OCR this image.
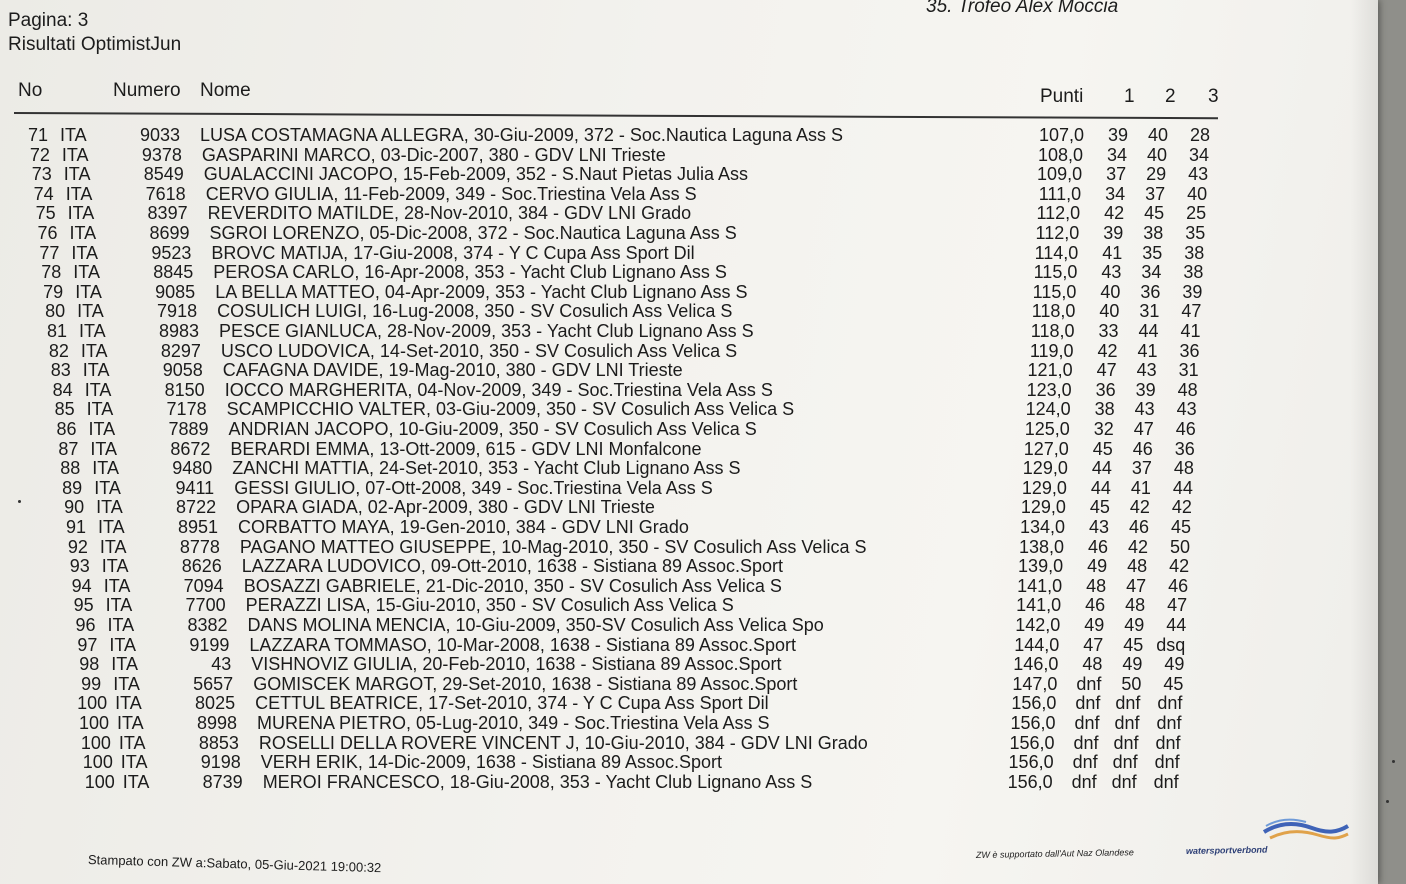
Pagina: 3
Risultati OptimistJun
35. Trofeo Alex Moccia
No	Numero Nome	Punti 1 2 3
71 ITA	9033 LUSA COSTAMAGNA ALLEGRA, 30-Giu-2009, 372 - Soc.Nautica Laguna Ass S	107,0	39	40	28
72 ITA	9378 GASPARINI MARCO, 03-Dic-2007, 380 - GDV LNI Trieste	108,0	34	40	34
73 ITA	8549 GUALACCINI JACOPO, 15-Feb-2009, 352 - S.Naut Pietas Julia Ass	109,0	37	29	43
74 ITA	7618 CERVO GIULIA, 11-Feb-2009, 349 - Soc.Triestina Vela Ass S	111,0	34	37	40
75 ITA	8397 REVERDITO MATILDE, 28-Nov-2010, 384 - GDV LNI Grado	112,0	42	45	25
76 ITA	8699 SGROI LORENZO, 05-Dic-2008, 372 - Soc.Nautica Laguna Ass S	112,0	39	38	35
77 ITA	9523 BROVC MATIJA, 17-Giu-2008, 374 - Y C Cupa Ass Sport Dil	114,0	41	35	38
78 ITA	8845 PEROSA CARLO, 16-Apr-2008, 353 - Yacht Club Lignano Ass S	115,0	43	34	38
79 ITA	9085 LA BELLA MATTEO, 04-Apr-2009, 353 - Yacht Club Lignano Ass S	115,0	40	36	39
80 ITA	7918 COSULICH LUIGI, 16-Lug-2008, 350 - SV Cosulich Ass Velica S	118,0	40	31	47
81 ITA	8983 PESCE GIANLUCA, 28-Nov-2009, 353 - Yacht Club Lignano Ass S	118,0	33	44	41
82 ITA	8297 USCO LUDOVICA, 14-Set-2010, 350 - SV Cosulich Ass Velica S	119,0	42	41	36
83 ITA	9058 CAFAGNA DAVIDE, 19-Mag-2010, 380 - GDV LNI Trieste	121,0	47	43	31
84 ITA	8150 IOCCO MARGHERITA, 04-Nov-2009, 349 - Soc.Triestina Vela Ass S	123,0	36	39	48
85 ITA	7178 SCAMPICCHIO VALTER, 03-Giu-2009, 350 - SV Cosulich Ass Velica S	124,0	38	43	43
86 ITA	7889 ANDRIAN JACOPO, 10-Giu-2009, 350 - SV Cosulich Ass Velica S	125,0	32	47	46
87 ITA	8672 BERARDI EMMA, 13-Ott-2009, 615 - GDV LNI Monfalcone	127,0	45	46	36
88 ITA	9480 ZANCHI MATTIA, 24-Set-2010, 353 - Yacht Club Lignano Ass S	129,0	44	37	48
89 ITA	9411 GESSI GIULIO, 07-Ott-2008, 349 - Soc.Triestina Vela Ass S	129,0	44	41	44
90 ITA	8722 OPARA GIADA, 02-Apr-2009, 380 - GDV LNI Trieste	129,0	45	42	42
91 ITA	8951 CORBATTO MAYA, 19-Gen-2010, 384 - GDV LNI Grado	134,0	43	46	45
92 ITA	8778 PAGANO MATTEO GIUSEPPE, 10-Mag-2010, 350 - SV Cosulich Ass Velica S	138,0	46	42	50
93 ITA	8626 LAZZARA LUDOVICO, 09-Ott-2010, 1638 - Sistiana 89 Assoc.Sport	139,0	49	48	42
94 ITA	7094 BOSAZZI GABRIELE, 21-Dic-2010, 350 - SV Cosulich Ass Velica S	141,0	48	47	46
95 ITA	7700 PERAZZI LISA, 15-Giu-2010, 350 - SV Cosulich Ass Velica S	141,0	46	48	47
96 ITA	8382 DANS MOLINA MENCIA, 10-Giu-2009, 350-SV Cosulich Ass Velica Spo	142,0	49	49	44
97 ITA	9199 LAZZARA TOMMASO, 10-Mar-2008, 1638 - Sistiana 89 Assoc.Sport	144,0	47	45 dsq
98 ITA	43 VISHNOVIZ GIULIA, 20-Feb-2010, 1638 - Sistiana 89 Assoc.Sport	146,0	48	49	49
99 ITA	5657 GOMISCEK MARGOT, 29-Set-2010, 1638 - Sistiana 89 Assoc.Sport	147,0	dnf	50	45
100 ITA	8025 CETTUL BEATRICE, 17-Set-2010, 374 - Y C Cupa Ass Sport Dil	156,0	dnf dnf dnf
100 ITA	8998 MURENA PIETRO, 05-Lug-2010, 349 - Soc.Triestina Vela Ass S	156,0	dnf dnf dnf
100 ITA	8853 ROSELLI DELLA ROVERE VINCENT J, 10-Giu-2010, 384 - GDV LNI Grado	156,0	dnf dnf dnf
100 ITA	9198 VERH ERIK, 14-Dic-2009, 1638 - Sistiana 89 Assoc.Sport	156,0	dnf dnf dnf
100 ITA	8739 MEROI FRANCESCO, 18-Giu-2008, 353 - Yacht Club Lignano Ass S	156,0	dnf dnf dnf
Stampato con ZW a:Sabato, 05-Giu-2021 19:00:32	ZW è supportato dall'Aut Naz Olandese	watersportverbond
